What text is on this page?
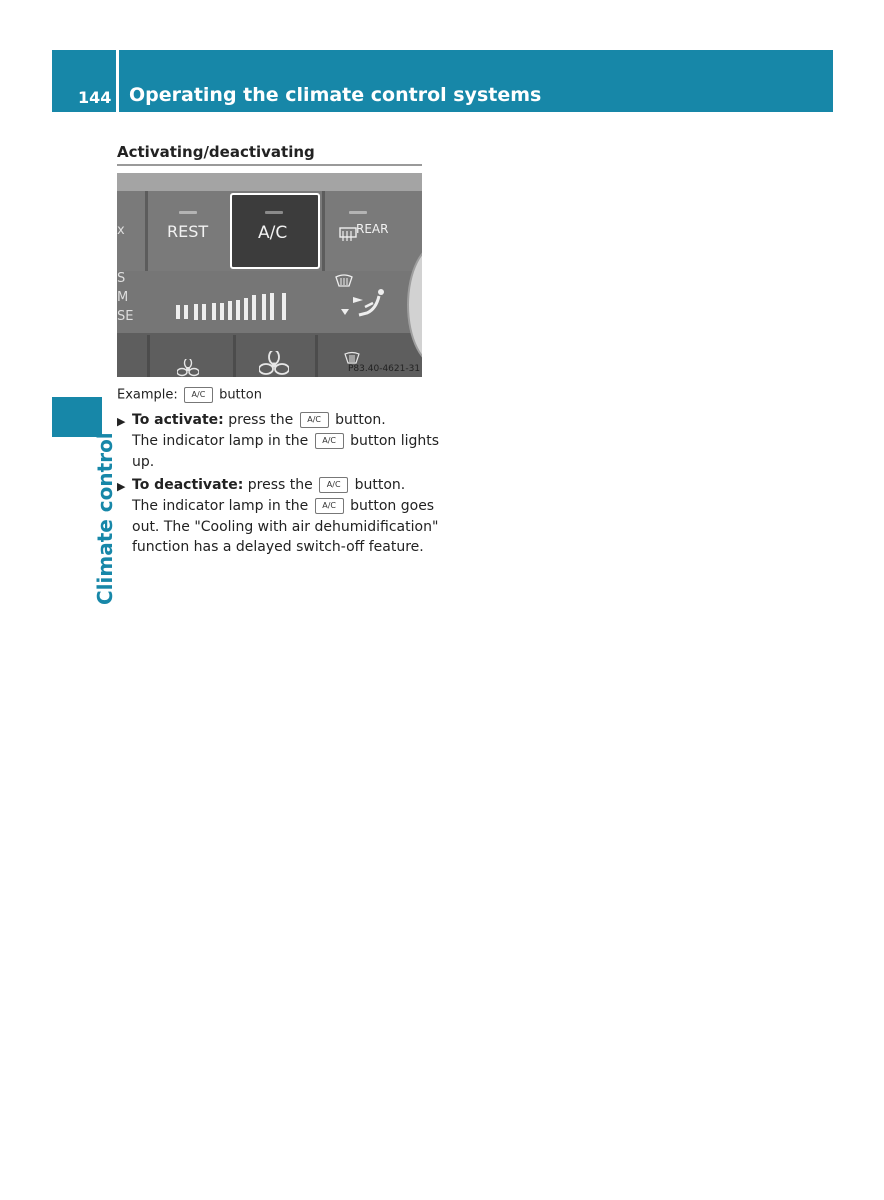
144 Operating the climate control systems
Climate control
Activating/deactivating
x
S
M
SE
REST	A/C	REAR
P83.40-4621-31
Example: A/C button
▶ To activate: press the A/C button.
The indicator lamp in the A/C button lights
up.
▶ To deactivate: press the A/C button.
The indicator lamp in the A/C button goes
out. The "Cooling with air dehumidification"
function has a delayed switch-off feature.
